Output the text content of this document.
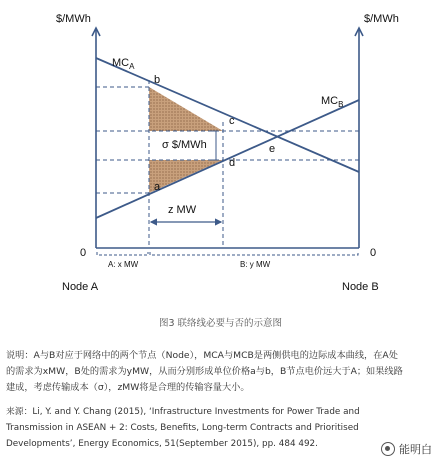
$/MWh	$/MWh
$MC_A$
$MC_B$
b
c
d
e
a
σ $/MWh
z MW
0	0
A: x MW	B: y MW
Node A	Node B
图3 联络线必要与否的示意图
说明：A与B对应于网络中的两个节点（Node），MCA与MCB是两侧供电的边际成本曲线，在A处
的需求为xMW，B处的需求为yMW，从而分别形成单位价格a与b，B节点电价远大于A；如果线路
建成，考虑传输成本（σ），zMW将是合理的传输容量大小。
来源：Li, Y. and Y. Chang (2015), ‘Infrastructure Investments for Power Trade and
Transmission in ASEAN + 2: Costs, Benefits, Long-term Contracts and Prioritised
Developments’, Energy Economics, 51(September 2015), pp. 484 492.	能明白
